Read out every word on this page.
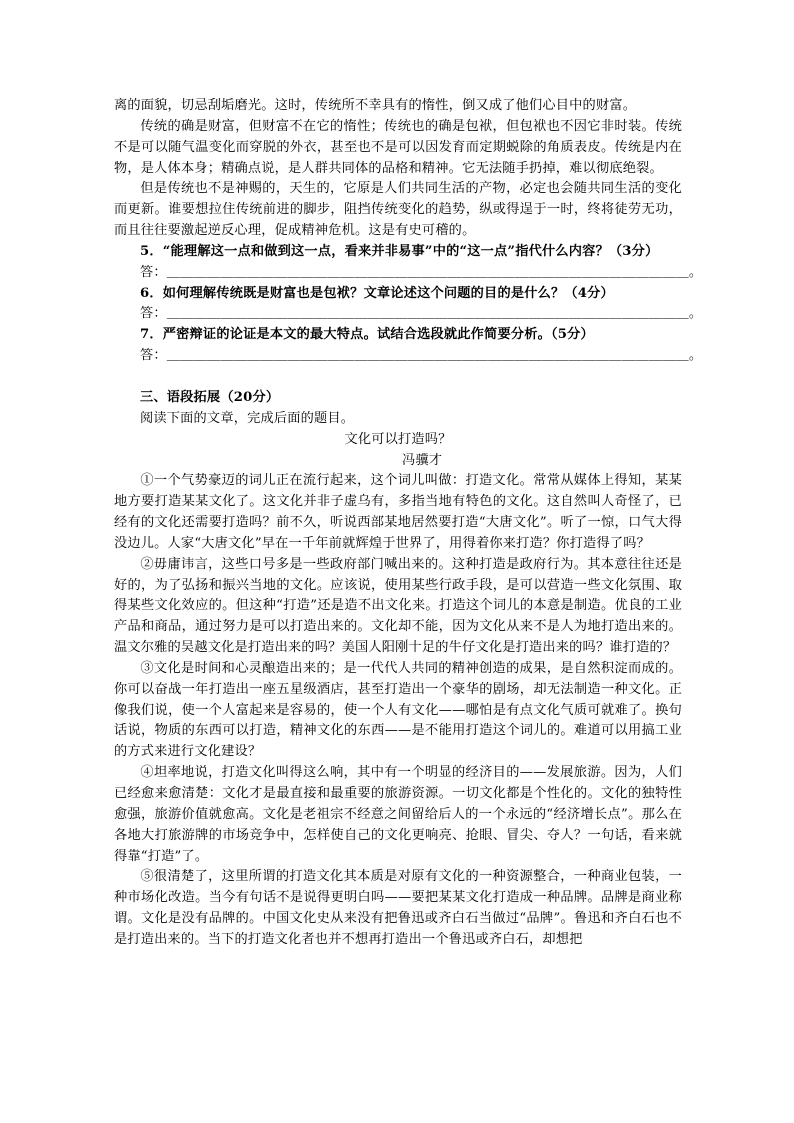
离的面貌，切忌刮垢磨光。这时，传统所不幸具有的惰性，倒又成了他们心目中的财富。

传统的确是财富，但财富不在它的惰性；传统也的确是包袱，但包袱也不因它非时装。传统不是可以随气温变化而穿脱的外衣，甚至也不是可以因发育而定期蜕除的角质表皮。传统是内在物，是人体本身；精确点说，是人群共同体的品格和精神。它无法随手扔掉，难以彻底绝裂。

但是传统也不是神赐的，天生的，它原是人们共同生活的产物，必定也会随共同生活的变化而更新。谁要想拉住传统前进的脚步，阻挡传统变化的趋势，纵或得逞于一时，终将徒劳无功，而且往往要激起逆反心理，促成精神危机。这是有史可稽的。

5．“能理解这一点和做到这一点，看来并非易事”中的“这一点”指代什么内容？（3分）

答：＿＿＿＿＿＿＿＿＿＿＿＿＿＿＿＿＿＿＿＿＿＿＿＿＿＿＿＿＿＿＿＿＿＿＿＿＿＿＿。

6．如何理解传统既是财富也是包袱？文章论述这个问题的目的是什么？（4分）

答：＿＿＿＿＿＿＿＿＿＿＿＿＿＿＿＿＿＿＿＿＿＿＿＿＿＿＿＿＿＿＿＿＿＿＿＿＿＿＿。

7．严密辩证的论证是本文的最大特点。试结合选段就此作简要分析。（5分）

答：＿＿＿＿＿＿＿＿＿＿＿＿＿＿＿＿＿＿＿＿＿＿＿＿＿＿＿＿＿＿＿＿＿＿＿＿＿＿＿。

三、语段拓展（20分）

阅读下面的文章，完成后面的题目。

文化可以打造吗？

冯骥才

①一个气势豪迈的词儿正在流行起来，这个词儿叫做：打造文化。常常从媒体上得知，某某地方要打造某某文化了。这文化并非子虚乌有，多指当地有特色的文化。这自然叫人奇怪了，已经有的文化还需要打造吗？前不久，听说西部某地居然要打造“大唐文化”。听了一惊，口气大得没边儿。人家“大唐文化”早在一千年前就辉煌于世界了，用得着你来打造？你打造得了吗？

②毋庸讳言，这些口号多是一些政府部门喊出来的。这种打造是政府行为。其本意往往还是好的，为了弘扬和振兴当地的文化。应该说，使用某些行政手段，是可以营造一些文化氛围、取得某些文化效应的。但这种“打造”还是造不出文化来。打造这个词儿的本意是制造。优良的工业产品和商品，通过努力是可以打造出来的。文化却不能，因为文化从来不是人为地打造出来的。温文尔雅的吴越文化是打造出来的吗？美国人阳刚十足的牛仔文化是打造出来的吗？谁打造的？

③文化是时间和心灵酿造出来的；是一代代人共同的精神创造的成果，是自然积淀而成的。你可以奋战一年打造出一座五星级酒店，甚至打造出一个豪华的剧场，却无法制造一种文化。正像我们说，使一个人富起来是容易的，使一个人有文化——哪怕是有点文化气质可就难了。换句话说，物质的东西可以打造，精神文化的东西——是不能用打造这个词儿的。难道可以用搞工业的方式来进行文化建设？

④坦率地说，打造文化叫得这么响，其中有一个明显的经济目的——发展旅游。因为，人们已经愈来愈清楚：文化才是最直接和最重要的旅游资源。一切文化都是个性化的。文化的独特性愈强，旅游价值就愈高。文化是老祖宗不经意之间留给后人的一个永远的“经济增长点”。那么在各地大打旅游牌的市场竞争中，怎样使自己的文化更响亮、抢眼、冒尖、夺人？一句话，看来就得靠“打造”了。

⑤很清楚了，这里所谓的打造文化其本质是对原有文化的一种资源整合，一种商业包装，一种市场化改造。当今有句话不是说得更明白吗——要把某某文化打造成一种品牌。品牌是商业称谓。文化是没有品牌的。中国文化史从来没有把鲁迅或齐白石当做过“品牌”。鲁迅和齐白石也不是打造出来的。当下的打造文化者也并不想再打造出一个鲁迅或齐白石，却想把
